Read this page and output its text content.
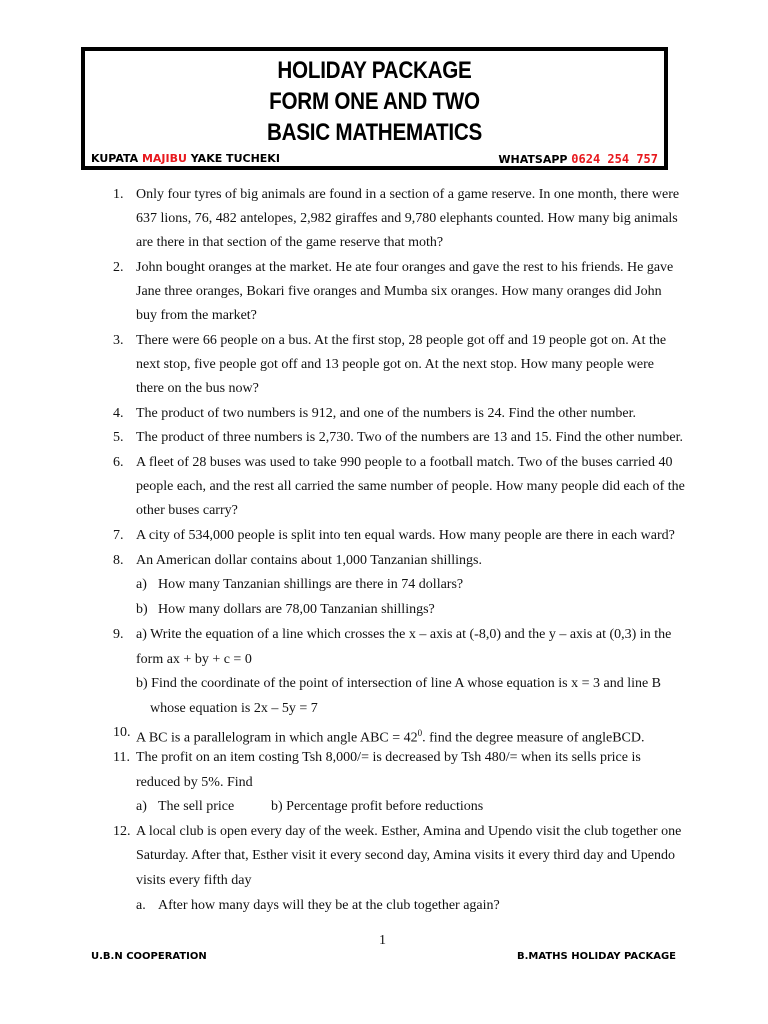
HOLIDAY PACKAGE
FORM ONE AND TWO
BASIC MATHEMATICS
KUPATA MAJIBU YAKE TUCHEKI	WHATSAPP 0624 254 757
1. Only four tyres of big animals are found in a section of a game reserve. In one month, there were
637 lions, 76, 482 antelopes, 2,982 giraffes and 9,780 elephants counted. How many big animals
are there in that section of the game reserve that moth?
2. John bought oranges at the market. He ate four oranges and gave the rest to his friends. He gave
Jane three oranges, Bokari five oranges and Mumba six oranges. How many oranges did John
buy from the market?
3. There were 66 people on a bus. At the first stop, 28 people got off and 19 people got on. At the
next stop, five people got off and 13 people got on. At the next stop. How many people were
there on the bus now?
4. The product of two numbers is 912, and one of the numbers is 24. Find the other number.
5. The product of three numbers is 2,730. Two of the numbers are 13 and 15. Find the other number.
6. A fleet of 28 buses was used to take 990 people to a football match. Two of the buses carried 40
people each, and the rest all carried the same number of people. How many people did each of the
other buses carry?
7. A city of 534,000 people is split into ten equal wards. How many people are there in each ward?
8. An American dollar contains about 1,000 Tanzanian shillings.
a) How many Tanzanian shillings are there in 74 dollars?
b) How many dollars are 78,00 Tanzanian shillings?
9. a) Write the equation of a line which crosses the x – axis at (-8,0) and the y – axis at (0,3) in the
form ax + by + c = 0
b) Find the coordinate of the point of intersection of line A whose equation is x = 3 and line B
whose equation is 2x – 5y = 7
10. A BC is a parallelogram in which angle ABC = $42^0$. find the degree measure of angleBCD.
11. The profit on an item costing Tsh 8,000/= is decreased by Tsh 480/= when its sells price is
reduced by 5%. Find
a) The sell price	b) Percentage profit before reductions
12. A local club is open every day of the week. Esther, Amina and Upendo visit the club together one
Saturday. After that, Esther visit it every second day, Amina visits it every third day and Upendo
visits every fifth day
a. After how many days will they be at the club together again?
1
U.B.N COOPERATION	B.MATHS HOLIDAY PACKAGE
